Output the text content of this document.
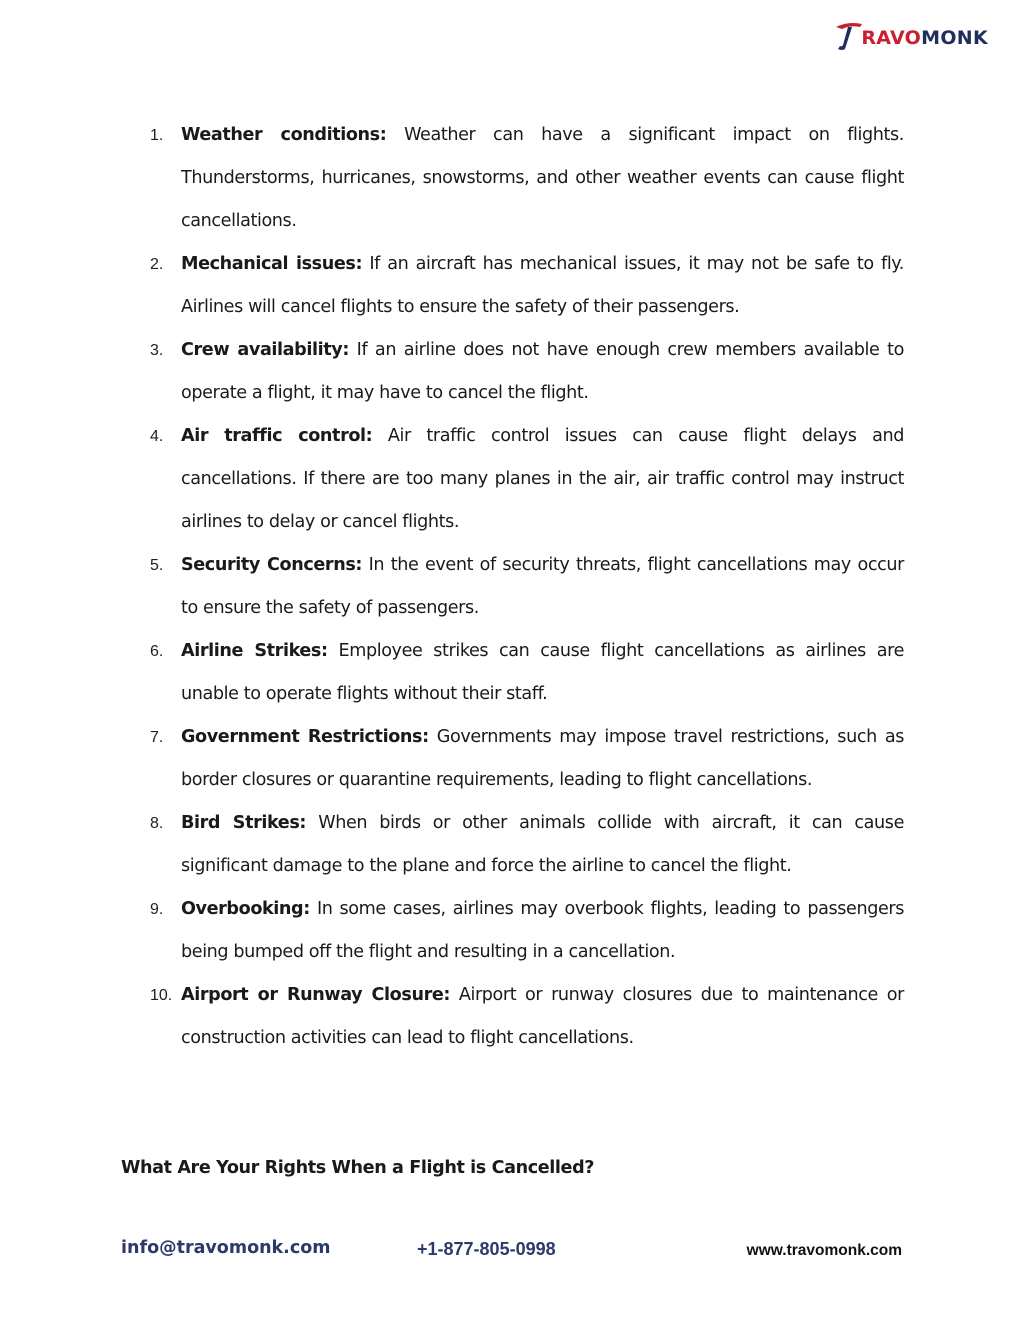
RAVOMONK
1. Weather conditions: Weather can have a significant impact on flights. Thunderstorms, hurricanes, snowstorms, and other weather events can cause flight cancellations.
2. Mechanical issues: If an aircraft has mechanical issues, it may not be safe to fly. Airlines will cancel flights to ensure the safety of their passengers.
3. Crew availability: If an airline does not have enough crew members available to operate a flight, it may have to cancel the flight.
4. Air traffic control: Air traffic control issues can cause flight delays and cancellations. If there are too many planes in the air, air traffic control may instruct airlines to delay or cancel flights.
5. Security Concerns: In the event of security threats, flight cancellations may occur to ensure the safety of passengers.
6. Airline Strikes: Employee strikes can cause flight cancellations as airlines are unable to operate flights without their staff.
7. Government Restrictions: Governments may impose travel restrictions, such as border closures or quarantine requirements, leading to flight cancellations.
8. Bird Strikes: When birds or other animals collide with aircraft, it can cause significant damage to the plane and force the airline to cancel the flight.
9. Overbooking: In some cases, airlines may overbook flights, leading to passengers being bumped off the flight and resulting in a cancellation.
10. Airport or Runway Closure: Airport or runway closures due to maintenance or construction activities can lead to flight cancellations.
What Are Your Rights When a Flight is Cancelled?
info@travomonk.com	+1-877-805-0998	www.travomonk.com
